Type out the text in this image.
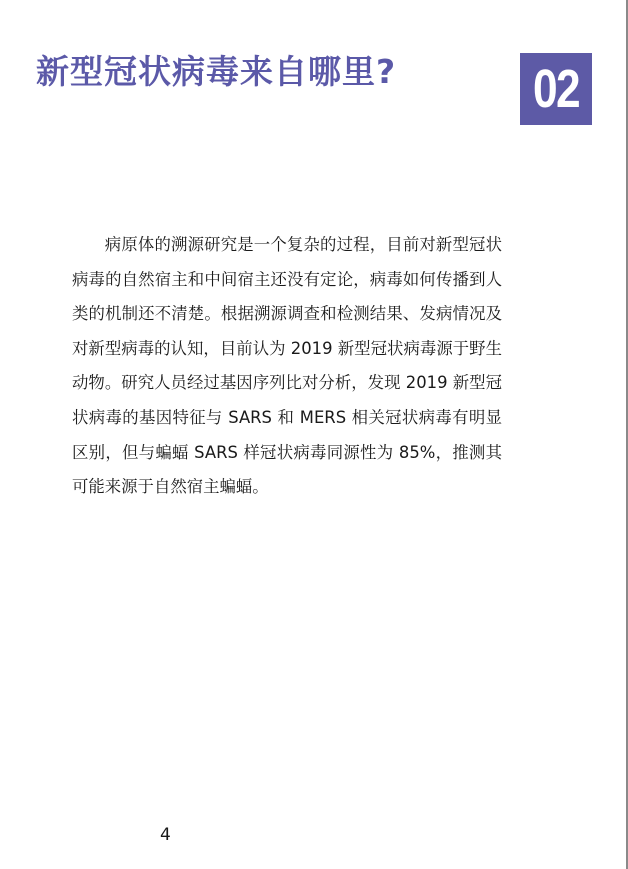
新型冠状病毒来自哪里?	02

病原体的溯源研究是一个复杂的过程，目前对新型冠状病毒的自然宿主和中间宿主还没有定论，病毒如何传播到人类的机制还不清楚。根据溯源调查和检测结果、发病情况及对新型病毒的认知，目前认为 2019 新型冠状病毒源于野生动物。研究人员经过基因序列比对分析，发现 2019 新型冠状病毒的基因特征与 SARS 和 MERS 相关冠状病毒有明显区别，但与蝙蝠 SARS 样冠状病毒同源性为 85%，推测其可能来源于自然宿主蝙蝠。

4
